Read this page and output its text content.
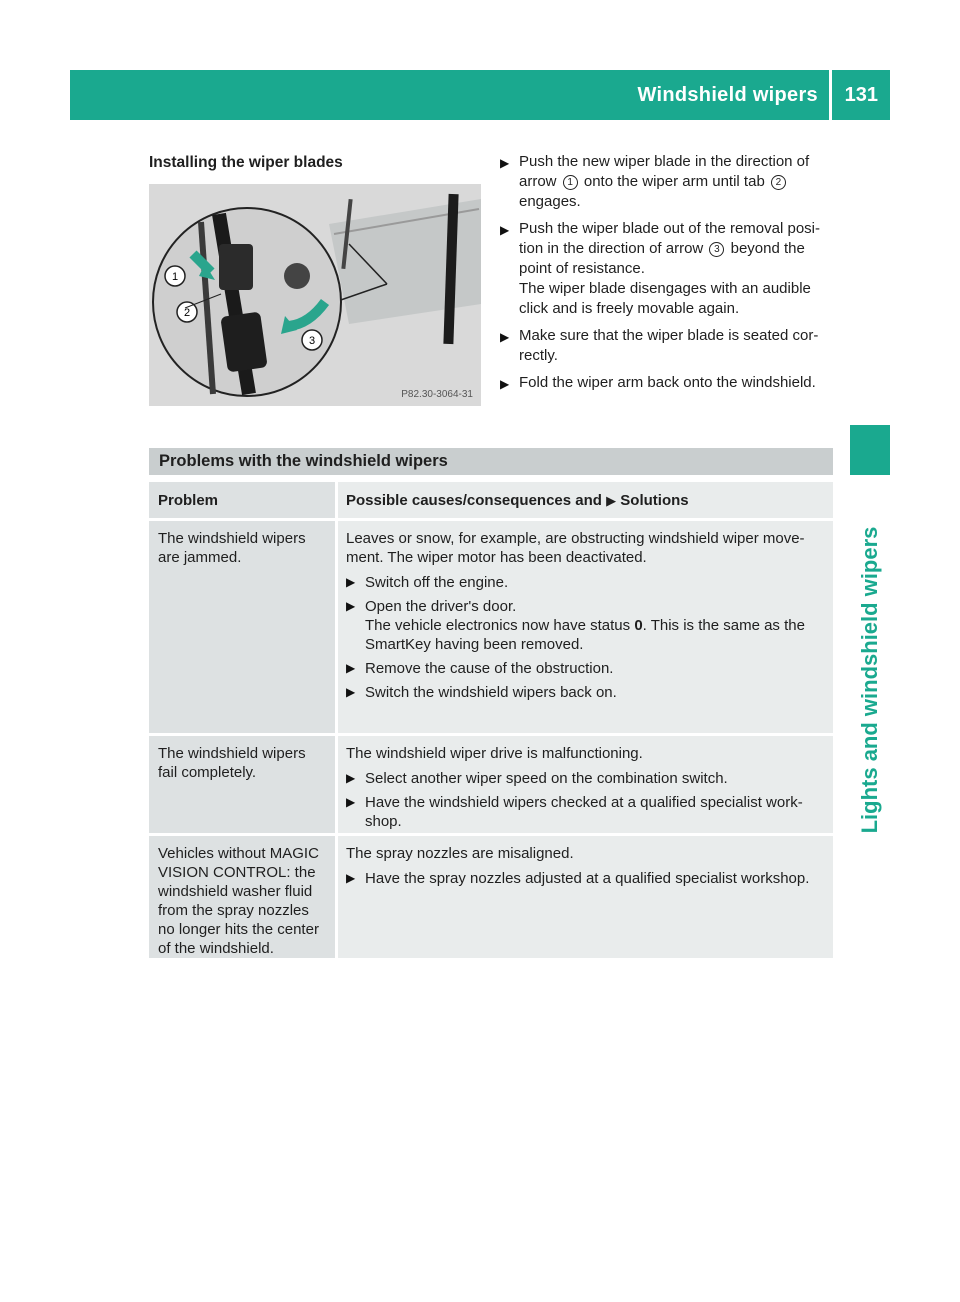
Windshield wipers 131
Lights and windshield wipers
Installing the wiper blades
1
2
3
P82.30-3064-31
▶ Push the new wiper blade in the direction of
arrow 1 onto the wiper arm until tab 2
engages.
▶ Push the wiper blade out of the removal posi-
tion in the direction of arrow 3 beyond the
point of resistance.
The wiper blade disengages with an audible
click and is freely movable again.
▶ Make sure that the wiper blade is seated cor-
rectly.
▶ Fold the wiper arm back onto the windshield.
Problems with the windshield wipers
Problem	Possible causes/consequences and ▶ Solutions
The windshield wipers
are jammed.
Leaves or snow, for example, are obstructing windshield wiper move-
ment. The wiper motor has been deactivated.
▶ Switch off the engine.
▶ Open the driver's door.
The vehicle electronics now have status 0. This is the same as the
SmartKey having been removed.
▶ Remove the cause of the obstruction.
▶ Switch the windshield wipers back on.
The windshield wipers
fail completely.
The windshield wiper drive is malfunctioning.
▶ Select another wiper speed on the combination switch.
▶ Have the windshield wipers checked at a qualified specialist work-
shop.
Vehicles without MAGIC
VISION CONTROL: the
windshield washer fluid
from the spray nozzles
no longer hits the center
of the windshield.
The spray nozzles are misaligned.
▶ Have the spray nozzles adjusted at a qualified specialist workshop.
